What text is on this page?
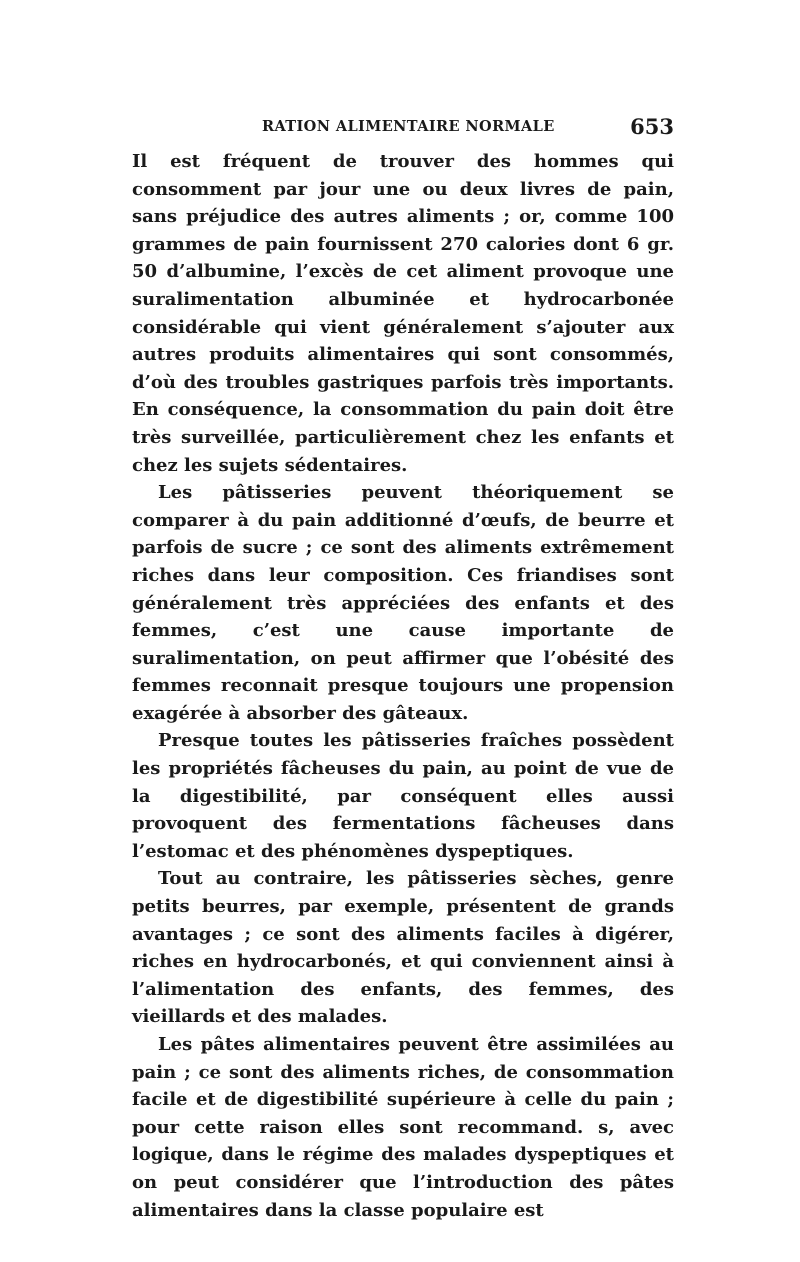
RATION ALIMENTAIRE NORMALE	653

Il est fréquent de trouver des hommes qui consomment par jour une ou deux livres de pain, sans préjudice des autres aliments ; or, comme 100 grammes de pain fournissent 270 calories dont 6 gr. 50 d’albumine, l’excès de cet aliment provoque une suralimentation albuminée et hydrocarbonée considérable qui vient généralement s’ajouter aux autres produits alimentaires qui sont consommés, d’où des troubles gastriques parfois très importants. En conséquence, la consommation du pain doit être très surveillée, particulièrement chez les enfants et chez les sujets sédentaires.

Les pâtisseries peuvent théoriquement se comparer à du pain additionné d’œufs, de beurre et parfois de sucre ; ce sont des aliments extrêmement riches dans leur composition. Ces friandises sont généralement très appréciées des enfants et des femmes, c’est une cause importante de suralimentation, on peut affirmer que l’obésité des femmes reconnait presque toujours une propension exagérée à absorber des gâteaux.

Presque toutes les pâtisseries fraîches possèdent les propriétés fâcheuses du pain, au point de vue de la digestibilité, par conséquent elles aussi provoquent des fermentations fâcheuses dans l’estomac et des phénomènes dyspeptiques.

Tout au contraire, les pâtisseries sèches, genre petits beurres, par exemple, présentent de grands avantages ; ce sont des aliments faciles à digérer, riches en hydrocarbonés, et qui conviennent ainsi à l’alimentation des enfants, des femmes, des vieillards et des malades.

Les pâtes alimentaires peuvent être assimilées au pain ; ce sont des aliments riches, de consommation facile et de digestibilité supérieure à celle du pain ; pour cette raison elles sont recommand. s, avec logique, dans le régime des malades dyspeptiques et on peut considérer que l’introduction des pâtes alimentaires dans la classe populaire est
